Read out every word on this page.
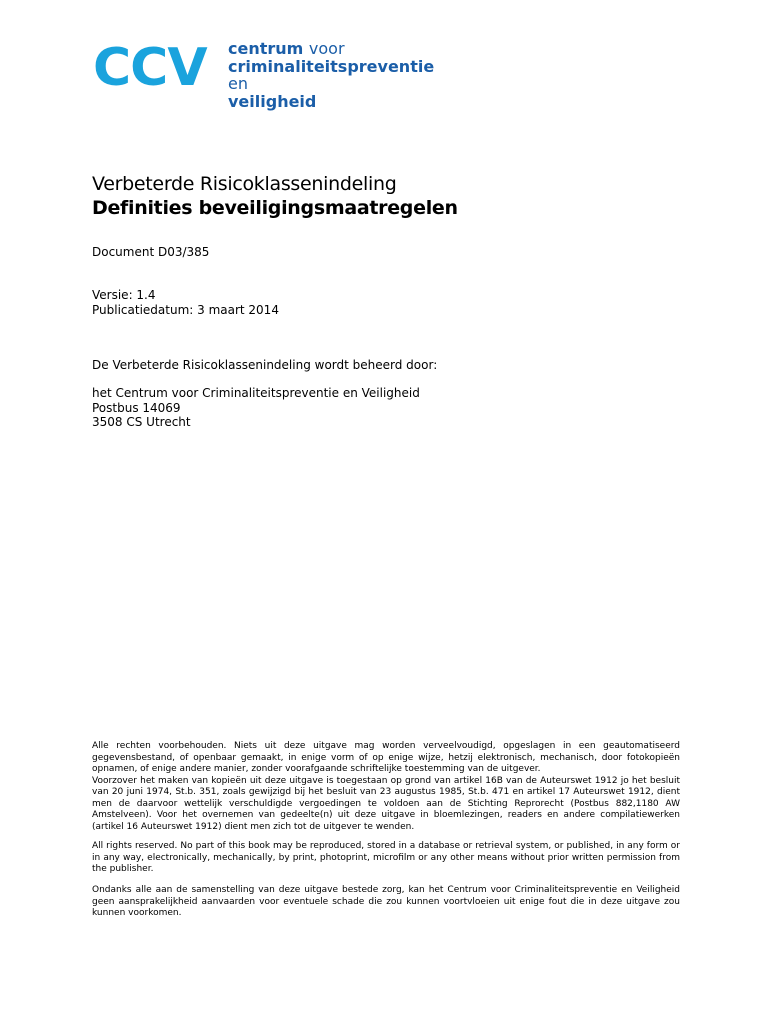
CCV centrum voor
criminaliteitspreventie en
veiligheid
Verbeterde Risicoklassenindeling
Definities beveiligingsmaatregelen
Document D03/385
Versie: 1.4
Publicatiedatum: 3 maart 2014
De Verbeterde Risicoklassenindeling wordt beheerd door:
het Centrum voor Criminaliteitspreventie en Veiligheid
Postbus 14069
3508 CS Utrecht

Alle rechten voorbehouden. Niets uit deze uitgave mag worden verveelvoudigd, opgeslagen in een geautomatiseerd gegevensbestand, of openbaar gemaakt, in enige vorm of op enige wijze, hetzij elektronisch, mechanisch, door fotokopieën opnamen, of enige andere manier, zonder voorafgaande schriftelijke toestemming van de uitgever.

Voorzover het maken van kopieën uit deze uitgave is toegestaan op grond van artikel 16B van de Auteurswet 1912 jo het besluit van 20 juni 1974, St.b. 351, zoals gewijzigd bij het besluit van 23 augustus 1985, St.b. 471 en artikel 17 Auteurswet 1912, dient men de daarvoor wettelijk verschuldigde vergoedingen te voldoen aan de Stichting Reprorecht (Postbus 882,1180 AW Amstelveen). Voor het overnemen van gedeelte(n) uit deze uitgave in bloemlezingen, readers en andere compilatiewerken (artikel 16 Auteurswet 1912) dient men zich tot de uitgever te wenden.

All rights reserved. No part of this book may be reproduced, stored in a database or retrieval system, or published, in any form or in any way, electronically, mechanically, by print, photoprint, microfilm or any other means without prior written permission from the publisher.

Ondanks alle aan de samenstelling van deze uitgave bestede zorg, kan het Centrum voor Criminaliteitspreventie en Veiligheid geen aansprakelijkheid aanvaarden voor eventuele schade die zou kunnen voortvloeien uit enige fout die in deze uitgave zou kunnen voorkomen.
